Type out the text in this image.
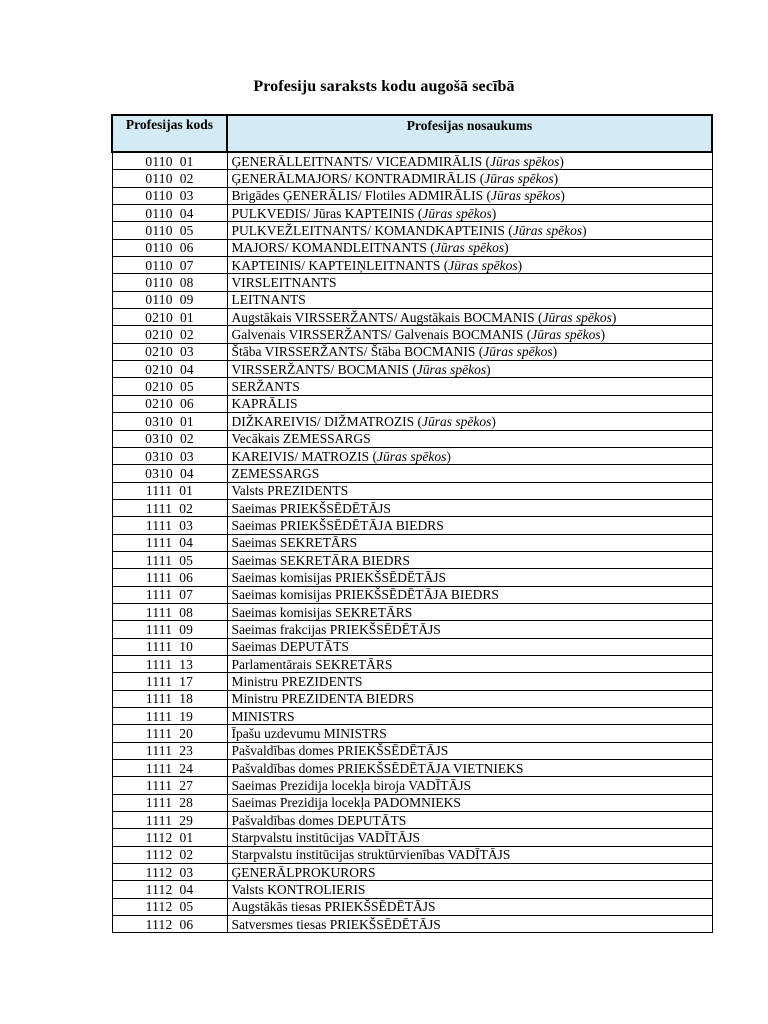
Profesiju saraksts kodu augošā secībā
Profesijas kods	Profesijas nosaukums
0110 01	ĢENERĀLLEITNANTS/ VICEADMIRĀLIS (Jūras spēkos)
0110 02	ĢENERĀLMAJORS/ KONTRADMIRĀLIS (Jūras spēkos)
0110 03	Brigādes ĢENERĀLIS/ Flotiles ADMIRĀLIS (Jūras spēkos)
0110 04	PULKVEDIS/ Jūras KAPTEINIS (Jūras spēkos)
0110 05	PULKVEŽLEITNANTS/ KOMANDKAPTEINIS (Jūras spēkos)
0110 06	MAJORS/ KOMANDLEITNANTS (Jūras spēkos)
0110 07	KAPTEINIS/ KAPTEIŅLEITNANTS (Jūras spēkos)
0110 08	VIRSLEITNANTS
0110 09	LEITNANTS
0210 01	Augstākais VIRSSERŽANTS/ Augstākais BOCMANIS (Jūras spēkos)
0210 02	Galvenais VIRSSERŽANTS/ Galvenais BOCMANIS (Jūras spēkos)
0210 03	Štāba VIRSSERŽANTS/ Štāba BOCMANIS (Jūras spēkos)
0210 04	VIRSSERŽANTS/ BOCMANIS (Jūras spēkos)
0210 05	SERŽANTS
0210 06	KAPRĀLIS
0310 01	DIŽKAREIVIS/ DIŽMATROZIS (Jūras spēkos)
0310 02	Vecākais ZEMESSARGS
0310 03	KAREIVIS/ MATROZIS (Jūras spēkos)
0310 04	ZEMESSARGS
1111 01	Valsts PREZIDENTS
1111 02	Saeimas PRIEKŠSĒDĒTĀJS
1111 03	Saeimas PRIEKŠSĒDĒTĀJA BIEDRS
1111 04	Saeimas SEKRETĀRS
1111 05	Saeimas SEKRETĀRA BIEDRS
1111 06	Saeimas komisijas PRIEKŠSĒDĒTĀJS
1111 07	Saeimas komisijas PRIEKŠSĒDĒTĀJA BIEDRS
1111 08	Saeimas komisijas SEKRETĀRS
1111 09	Saeimas frakcijas PRIEKŠSĒDĒTĀJS
1111 10	Saeimas DEPUTĀTS
1111 13	Parlamentārais SEKRETĀRS
1111 17	Ministru PREZIDENTS
1111 18	Ministru PREZIDENTA BIEDRS
1111 19	MINISTRS
1111 20	Īpašu uzdevumu MINISTRS
1111 23	Pašvaldības domes PRIEKŠSĒDĒTĀJS
1111 24	Pašvaldības domes PRIEKŠSĒDĒTĀJA VIETNIEKS
1111 27	Saeimas Prezidija locekļa biroja VADĪTĀJS
1111 28	Saeimas Prezidija locekļa PADOMNIEKS
1111 29	Pašvaldības domes DEPUTĀTS
1112 01	Starpvalstu institūcijas VADĪTĀJS
1112 02	Starpvalstu institūcijas struktūrvienības VADĪTĀJS
1112 03	ĢENERĀLPROKURORS
1112 04	Valsts KONTROLIERIS
1112 05	Augstākās tiesas PRIEKŠSĒDĒTĀJS
1112 06	Satversmes tiesas PRIEKŠSĒDĒTĀJS
